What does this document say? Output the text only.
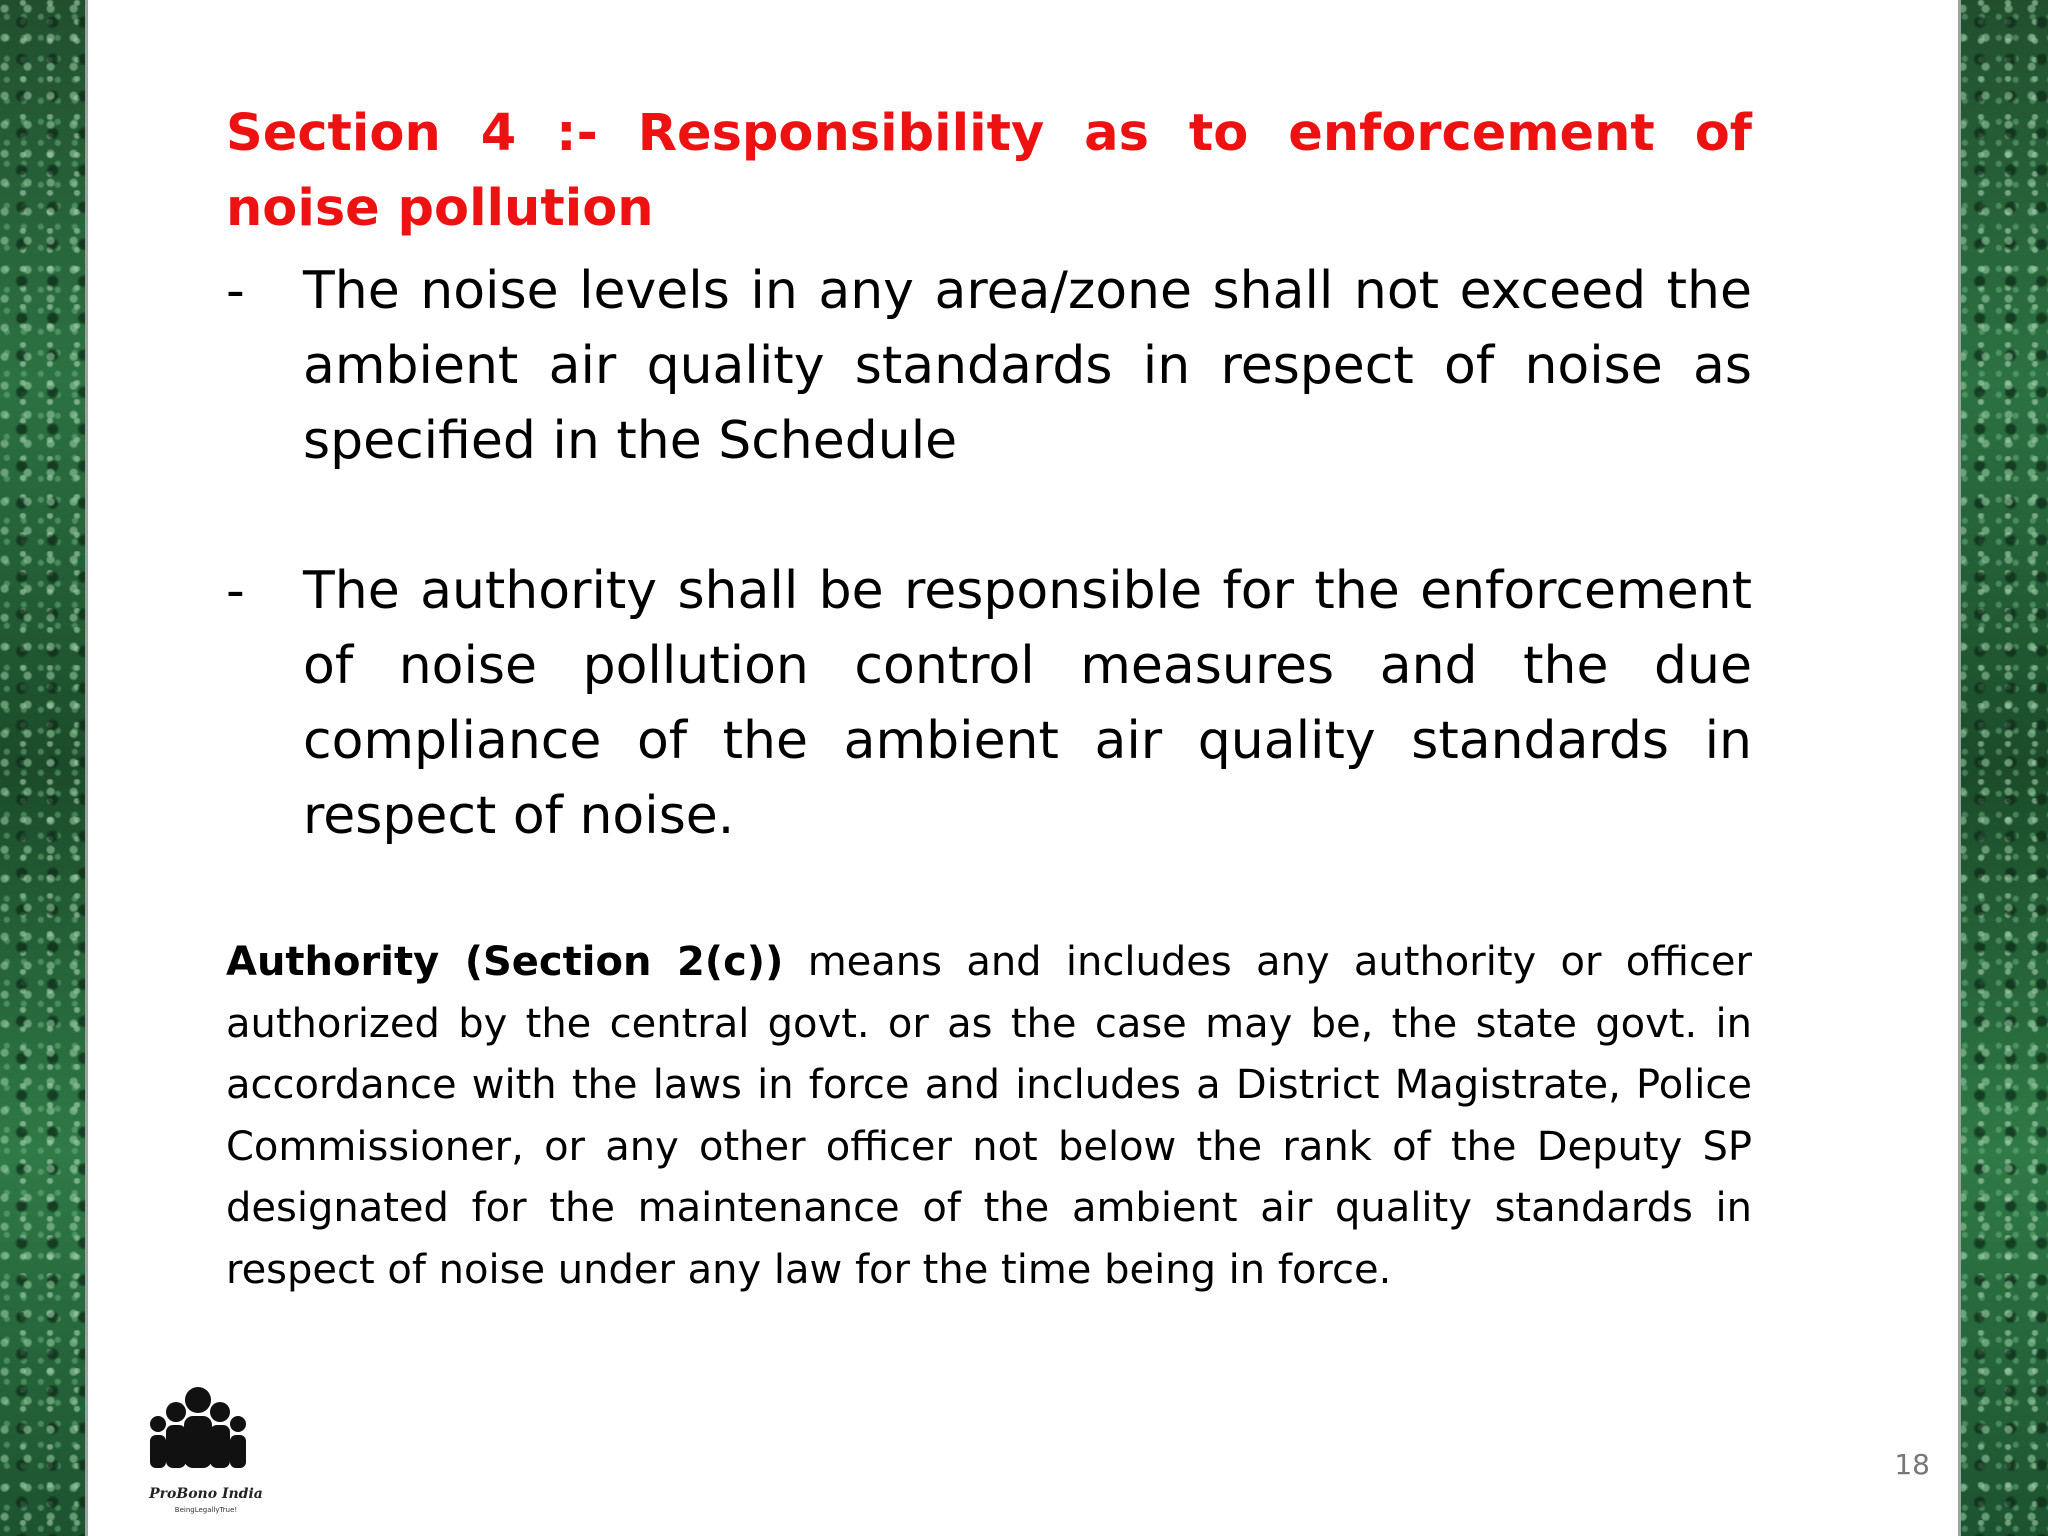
Section 4 :- Responsibility as to enforcement of noise pollution

- The noise levels in any area/zone shall not exceed the ambient air quality standards in respect of noise as specified in the Schedule

- The authority shall be responsible for the enforcement of noise pollution control measures and the due compliance of the ambient air quality standards in respect of noise.

Authority (Section 2(c)) means and includes any authority or officer authorized by the central govt. or as the case may be, the state govt. in accordance with the laws in force and includes a District Magistrate, Police Commissioner, or any other officer not below the rank of the Deputy SP designated for the maintenance of the ambient air quality standards in respect of noise under any law for the time being in force.
ProBono India
BeingLegallyTrue!
18
